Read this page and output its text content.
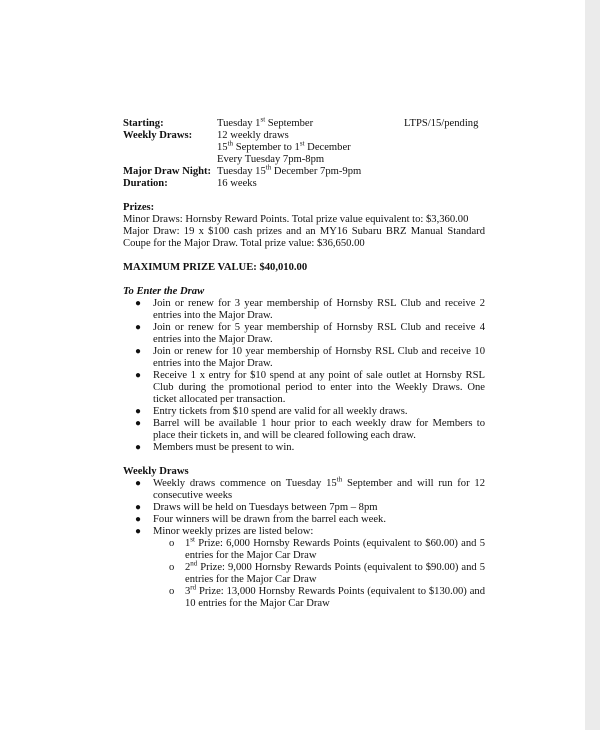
Starting:	Tuesday 1st September	LTPS/15/pending
Weekly Draws: 12 weekly draws
15th September to 1st December
Every Tuesday 7pm-8pm
Major Draw Night: Tuesday 15th December 7pm-9pm
Duration:	16 weeks
Prizes:
Minor Draws: Hornsby Reward Points. Total prize value equivalent to: $3,360.00
Major Draw: 19 x $100 cash prizes and an MY16 Subaru BRZ Manual Standard Coupe for the Major Draw. Total prize value: $36,650.00
MAXIMUM PRIZE VALUE: $40,010.00
To Enter the Draw
● Join or renew for 3 year membership of Hornsby RSL Club and receive 2 entries into the Major Draw.
● Join or renew for 5 year membership of Hornsby RSL Club and receive 4 entries into the Major Draw.
● Join or renew for 10 year membership of Hornsby RSL Club and receive 10 entries into the Major Draw.
● Receive 1 x entry for $10 spend at any point of sale outlet at Hornsby RSL Club during the promotional period to enter into the Weekly Draws. One ticket allocated per transaction.
● Entry tickets from $10 spend are valid for all weekly draws.
● Barrel will be available 1 hour prior to each weekly draw for Members to place their tickets in, and will be cleared following each draw.
● Members must be present to win.
Weekly Draws
● Weekly draws commence on Tuesday 15th September and will run for 12 consecutive weeks
● Draws will be held on Tuesdays between 7pm – 8pm
● Four winners will be drawn from the barrel each week.
● Minor weekly prizes are listed below:
o 1st Prize: 6,000 Hornsby Rewards Points (equivalent to $60.00) and 5 entries for the Major Car Draw
o 2nd Prize: 9,000 Hornsby Rewards Points (equivalent to $90.00) and 5 entries for the Major Car Draw
o 3rd Prize: 13,000 Hornsby Rewards Points (equivalent to $130.00) and 10 entries for the Major Car Draw
